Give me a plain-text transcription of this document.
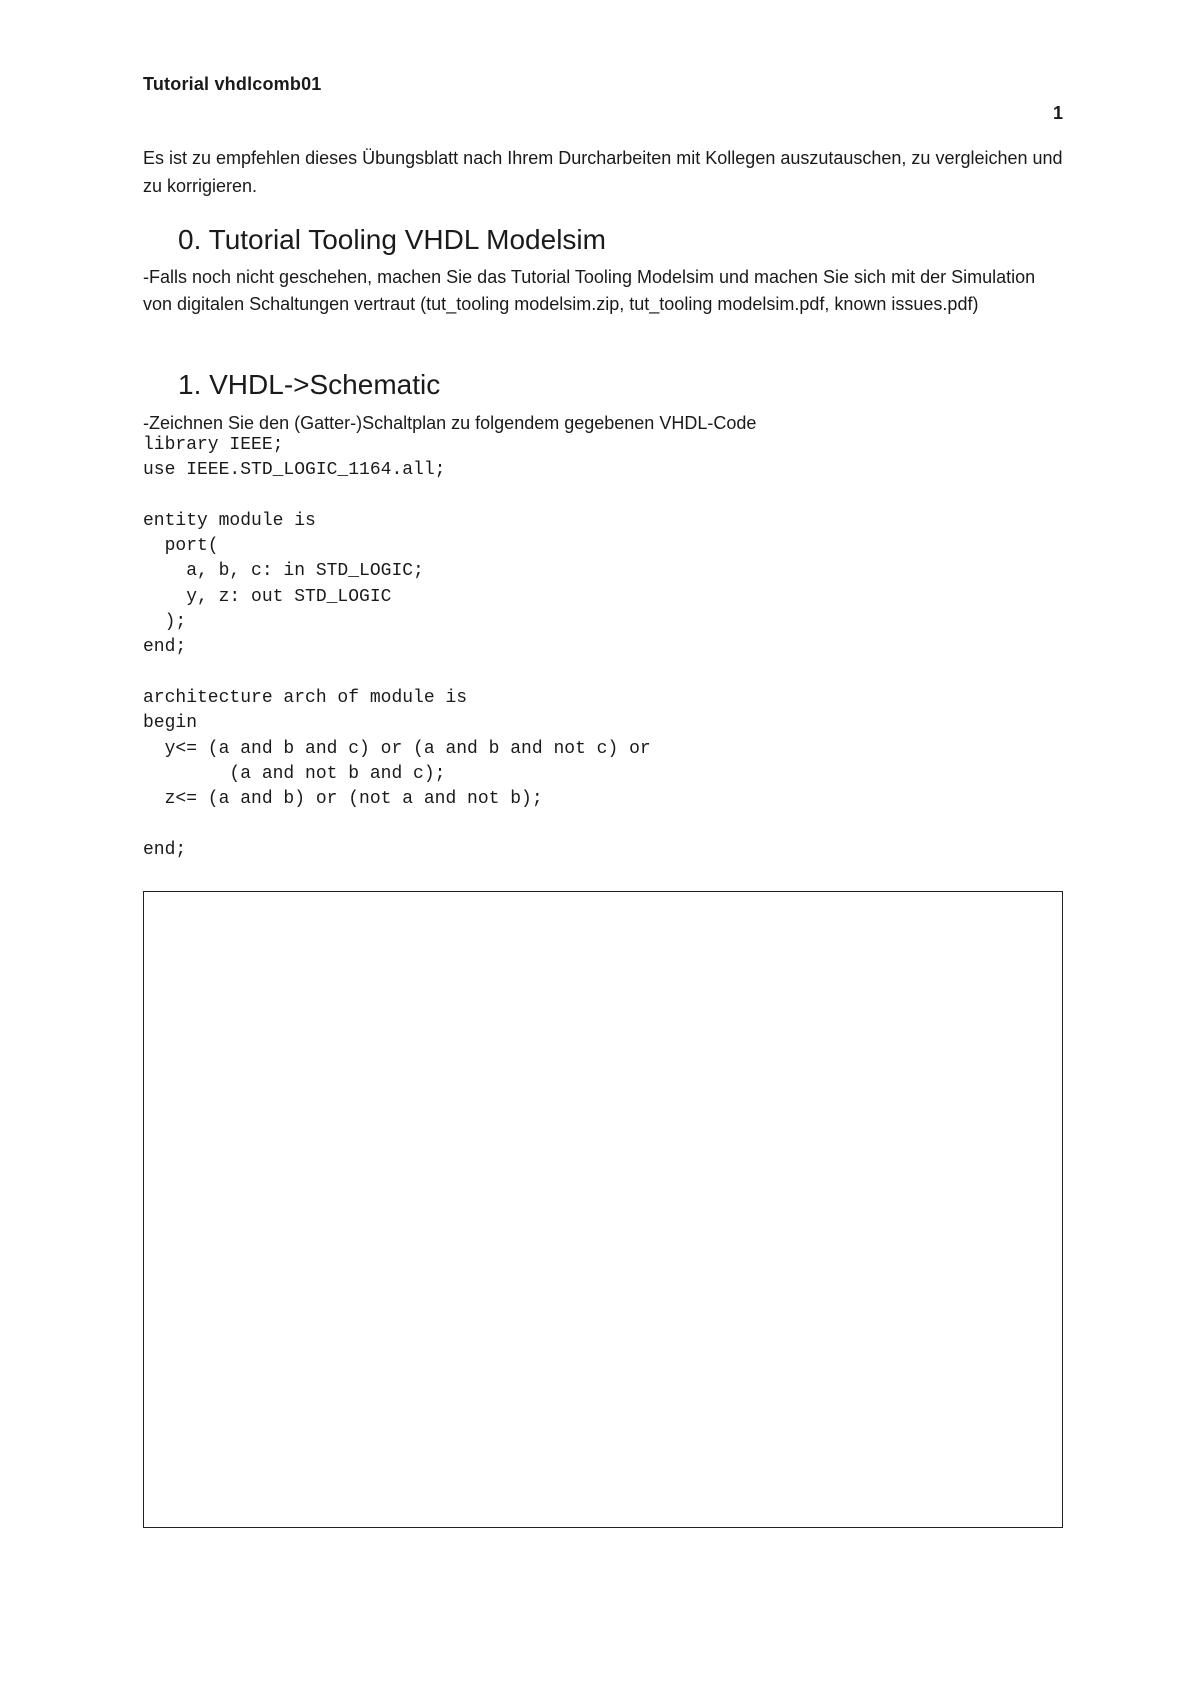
Tutorial vhdlcomb01
1
Es ist zu empfehlen dieses Übungsblatt nach Ihrem Durcharbeiten mit Kollegen auszutauschen, zu vergleichen und zu korrigieren.
0. Tutorial Tooling VHDL Modelsim
-Falls noch nicht geschehen, machen Sie das Tutorial Tooling Modelsim und machen Sie sich mit der Simulation von digitalen Schaltungen vertraut (tut_tooling modelsim.zip, tut_tooling modelsim.pdf, known issues.pdf)
1. VHDL->Schematic
-Zeichnen Sie den (Gatter-)Schaltplan zu folgendem gegebenen VHDL-Code
library IEEE;
use IEEE.STD_LOGIC_1164.all;
entity module is
port(
a, b, c: in STD_LOGIC;
y, z: out STD_LOGIC
);
end;
architecture arch of module is
begin
y<= (a and b and c) or (a and b and not c) or
(a and not b and c);
z<= (a and b) or (not a and not b);
end;
